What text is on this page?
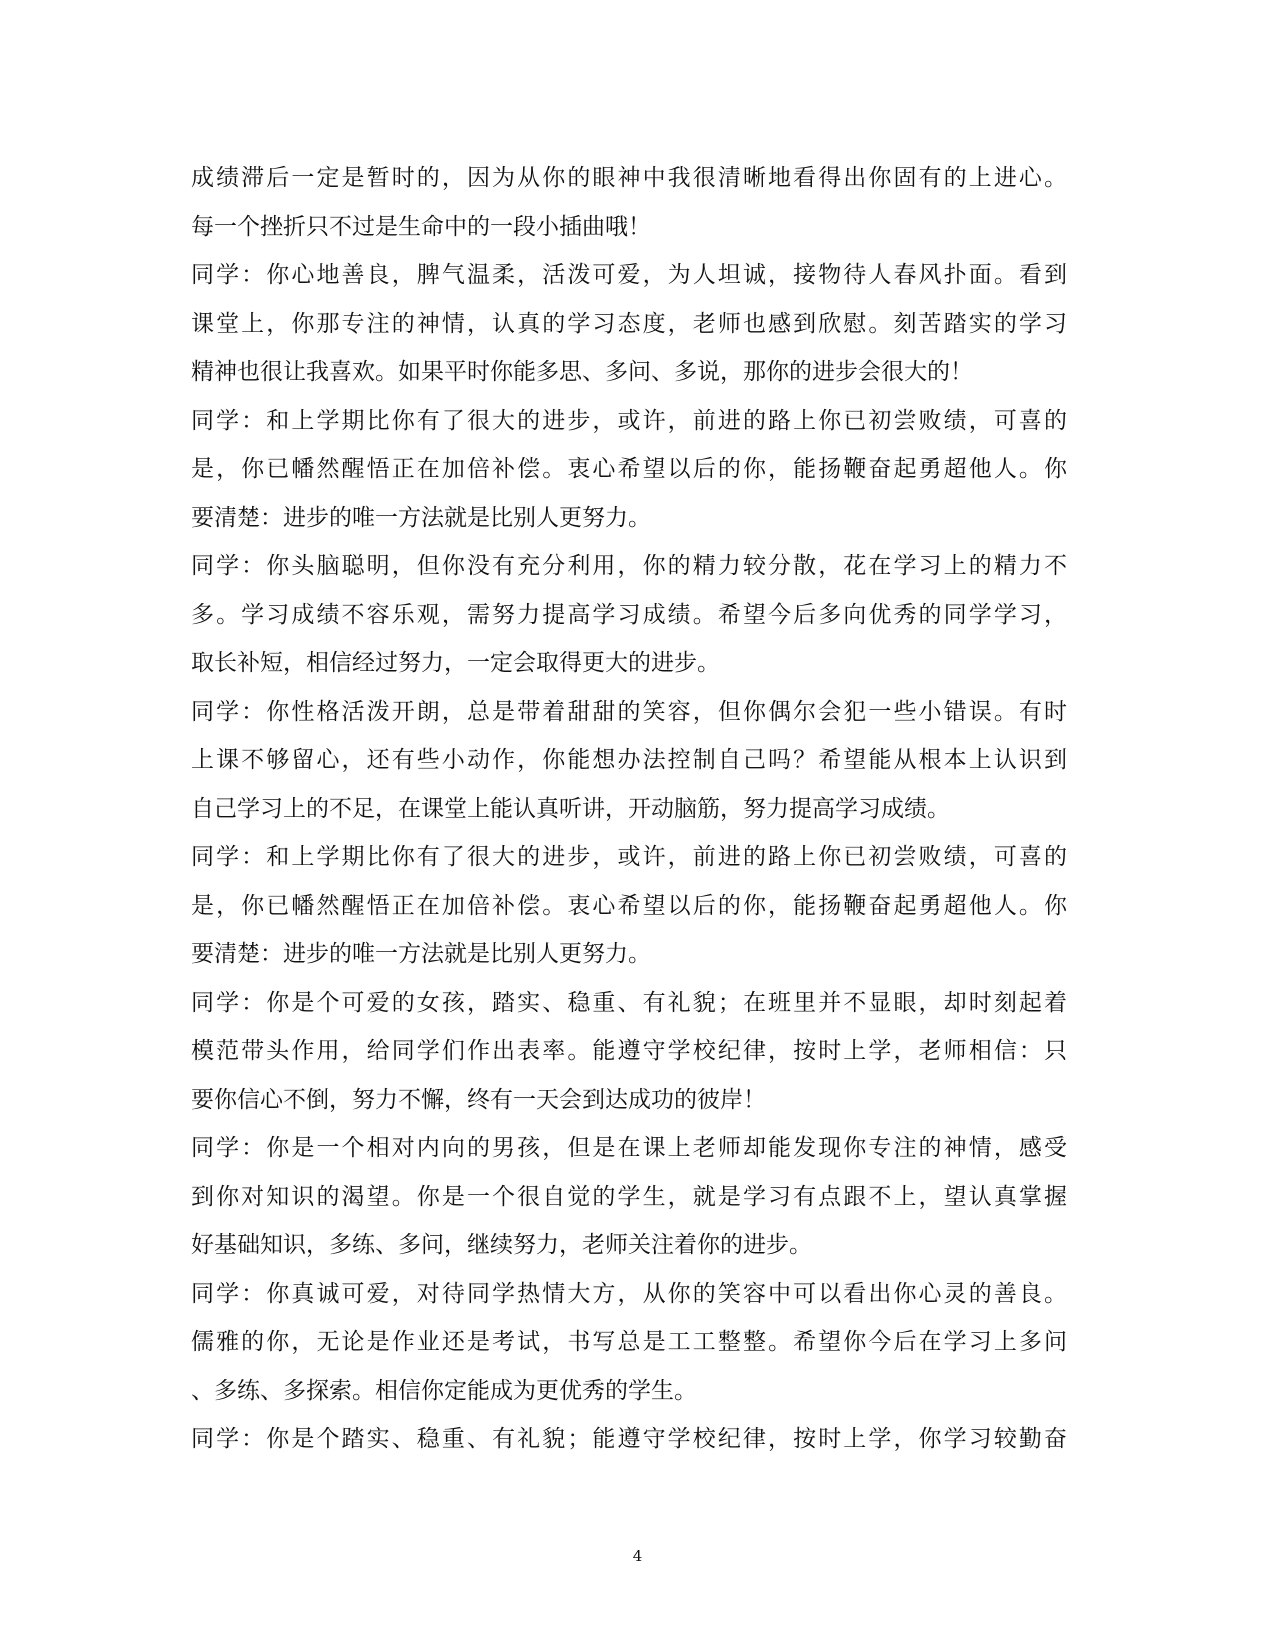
成绩滞后一定是暂时的，因为从你的眼神中我很清晰地看得出你固有的上进心。
每一个挫折只不过是生命中的一段小插曲哦！
同学：你心地善良，脾气温柔，活泼可爱，为人坦诚，接物待人春风扑面。看到
课堂上，你那专注的神情，认真的学习态度，老师也感到欣慰。刻苦踏实的学习
精神也很让我喜欢。如果平时你能多思、多问、多说，那你的进步会很大的！
同学：和上学期比你有了很大的进步，或许，前进的路上你已初尝败绩，可喜的
是，你已幡然醒悟正在加倍补偿。衷心希望以后的你，能扬鞭奋起勇超他人。你
要清楚：进步的唯一方法就是比别人更努力。
同学：你头脑聪明，但你没有充分利用，你的精力较分散，花在学习上的精力不
多。学习成绩不容乐观，需努力提高学习成绩。希望今后多向优秀的同学学习，
取长补短，相信经过努力，一定会取得更大的进步。
同学：你性格活泼开朗，总是带着甜甜的笑容，但你偶尔会犯一些小错误。有时
上课不够留心，还有些小动作，你能想办法控制自己吗？希望能从根本上认识到
自己学习上的不足，在课堂上能认真听讲，开动脑筋，努力提高学习成绩。
同学：和上学期比你有了很大的进步，或许，前进的路上你已初尝败绩，可喜的
是，你已幡然醒悟正在加倍补偿。衷心希望以后的你，能扬鞭奋起勇超他人。你
要清楚：进步的唯一方法就是比别人更努力。
同学：你是个可爱的女孩，踏实、稳重、有礼貌；在班里并不显眼，却时刻起着
模范带头作用，给同学们作出表率。能遵守学校纪律，按时上学，老师相信：只
要你信心不倒，努力不懈，终有一天会到达成功的彼岸！
同学：你是一个相对内向的男孩，但是在课上老师却能发现你专注的神情，感受
到你对知识的渴望。你是一个很自觉的学生，就是学习有点跟不上，望认真掌握
好基础知识，多练、多问，继续努力，老师关注着你的进步。
同学：你真诚可爱，对待同学热情大方，从你的笑容中可以看出你心灵的善良。
儒雅的你，无论是作业还是考试，书写总是工工整整。希望你今后在学习上多问
、多练、多探索。相信你定能成为更优秀的学生。
同学：你是个踏实、稳重、有礼貌；能遵守学校纪律，按时上学，你学习较勤奋
4
